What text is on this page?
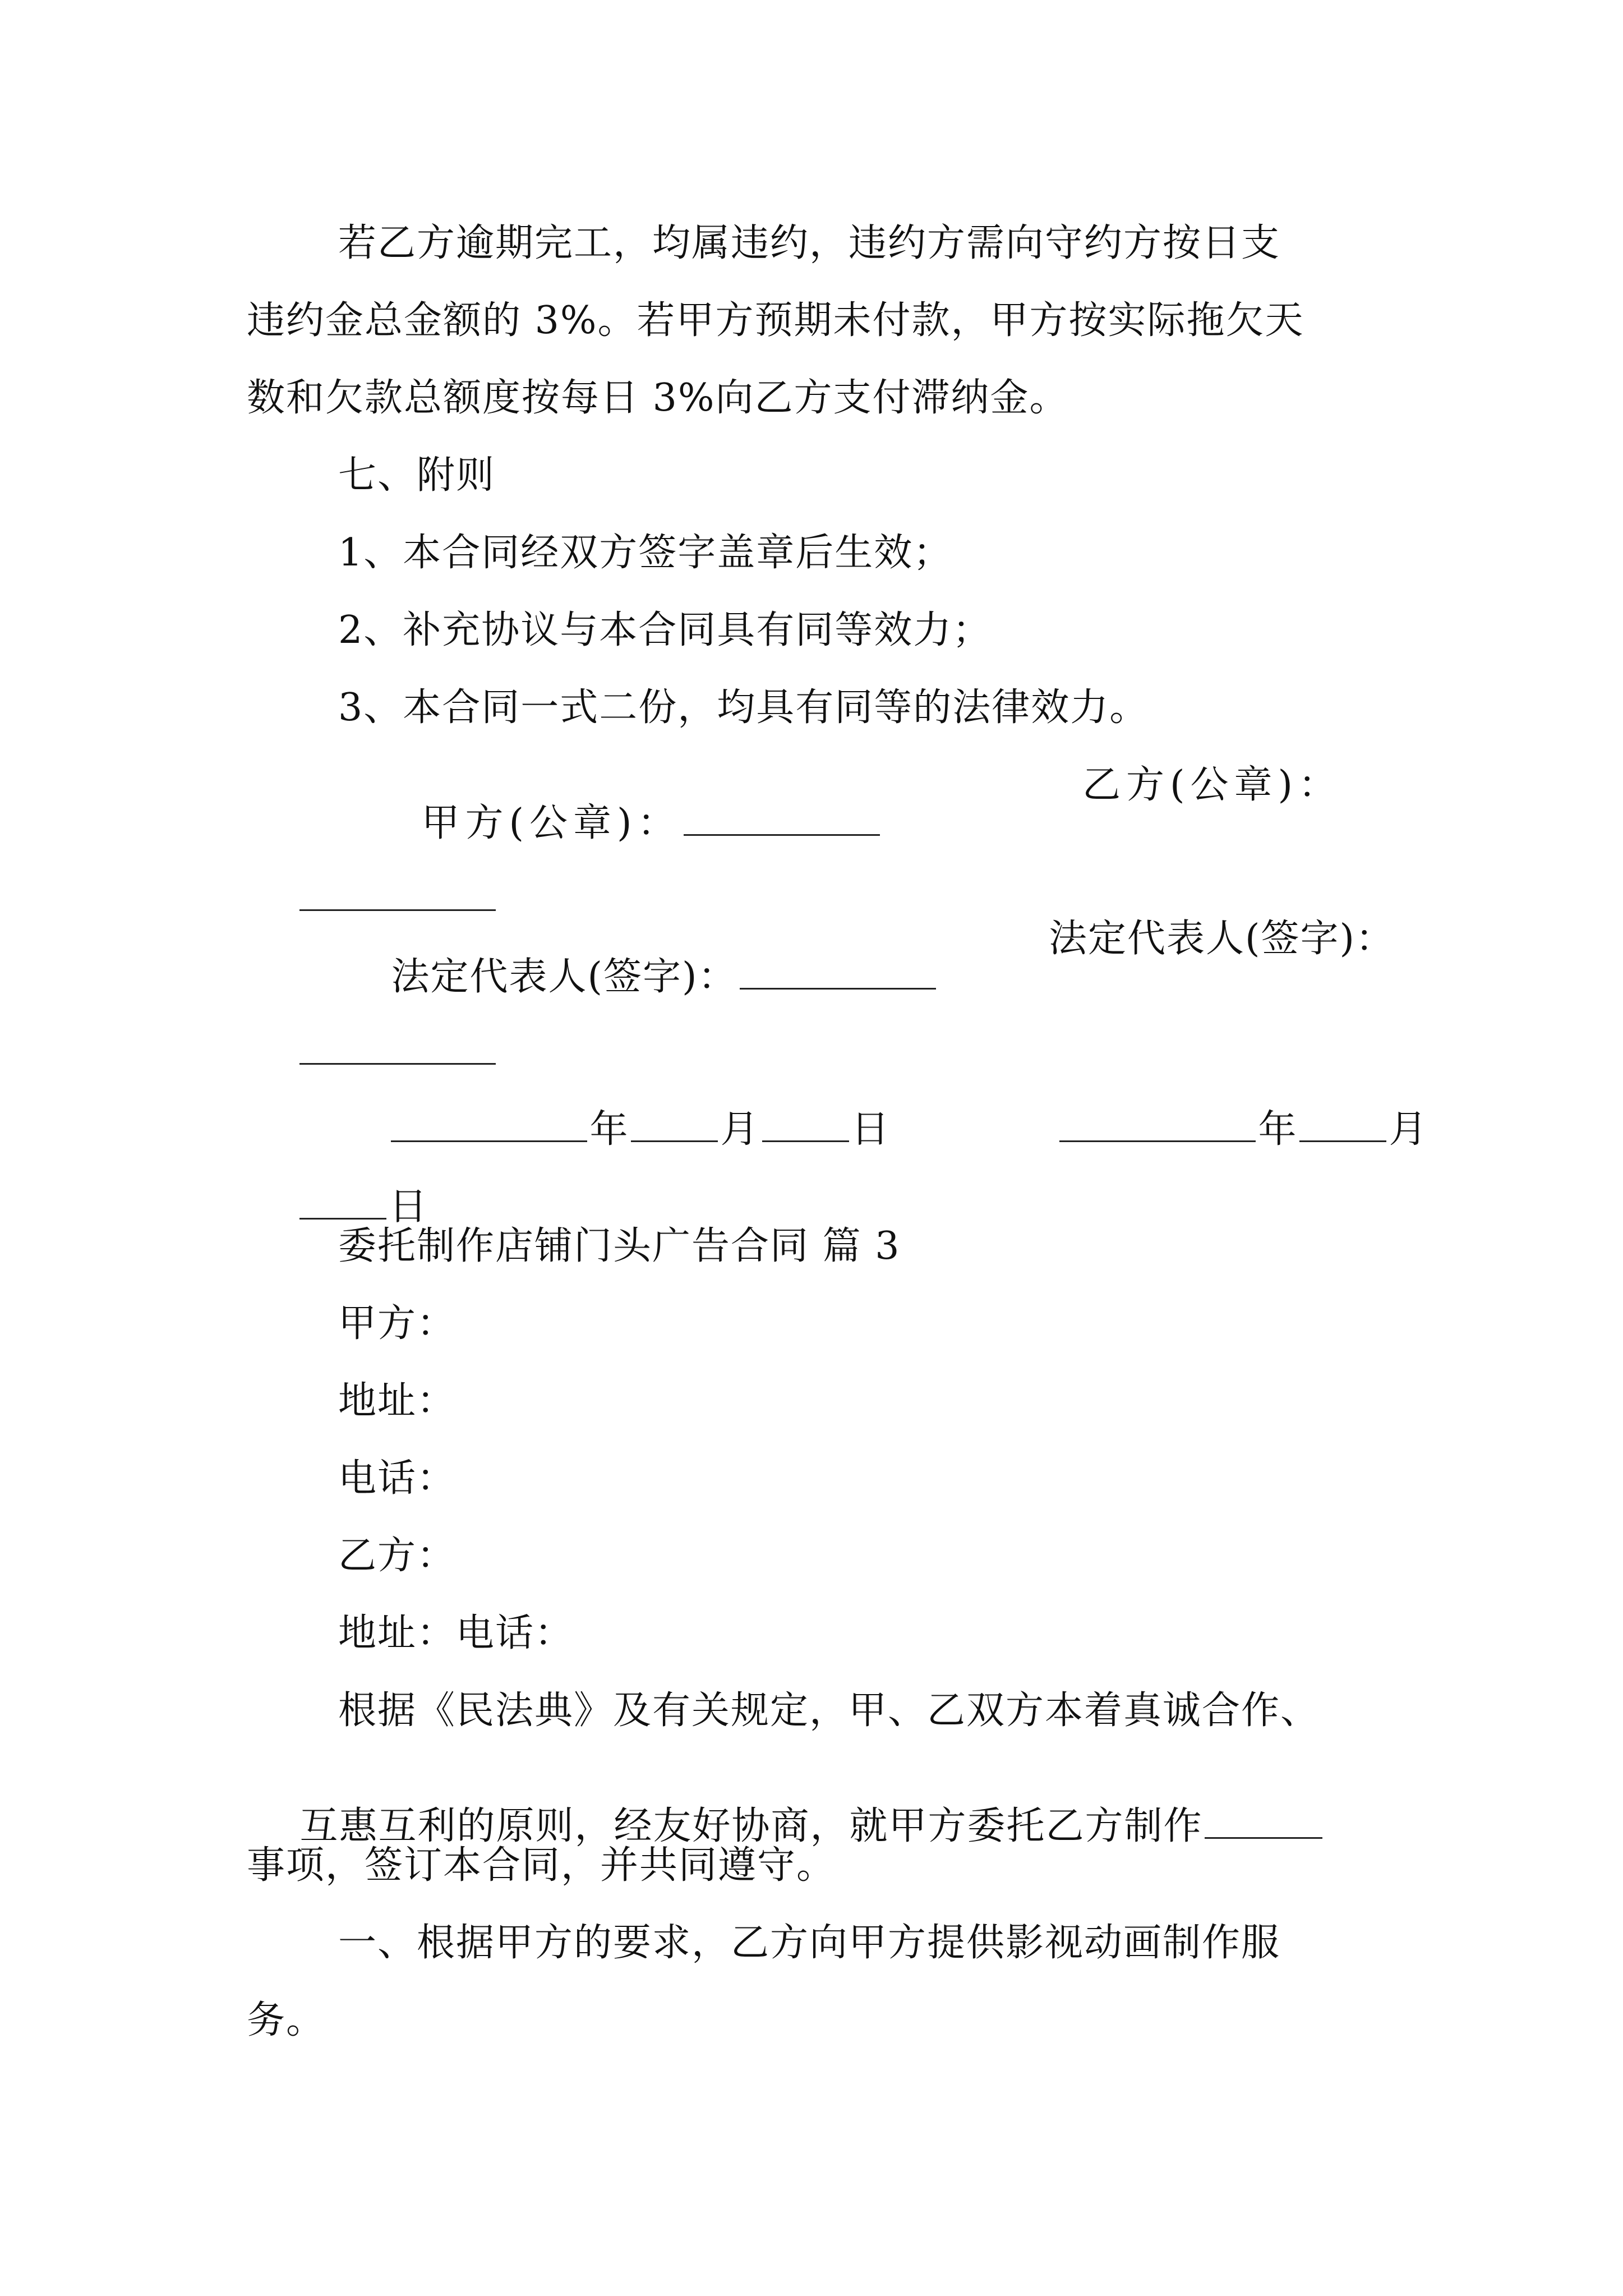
若乙方逾期完工，均属违约，违约方需向守约方按日支
违约金总金额的 3%。若甲方预期未付款，甲方按实际拖欠天
数和欠款总额度按每日 3%向乙方支付滞纳金。
七、附则
1、本合同经双方签字盖章后生效；
2、补充协议与本合同具有同等效力；
3、本合同一式二份，均具有同等的法律效力。

甲方(公章)：

乙方(公章)：

法定代表人(签字)：

法定代表人(签字)：

年 月 日
	年 月

日

委托制作店铺门头广告合同 篇 3
甲方：
地址：
电话：
乙方：
地址：电话：
根据《民法典》及有关规定，甲、乙双方本着真诚合作、

互惠互利的原则，经友好协商，就甲方委托乙方制作

事项，签订本合同，并共同遵守。
一、根据甲方的要求，乙方向甲方提供影视动画制作服
务。
